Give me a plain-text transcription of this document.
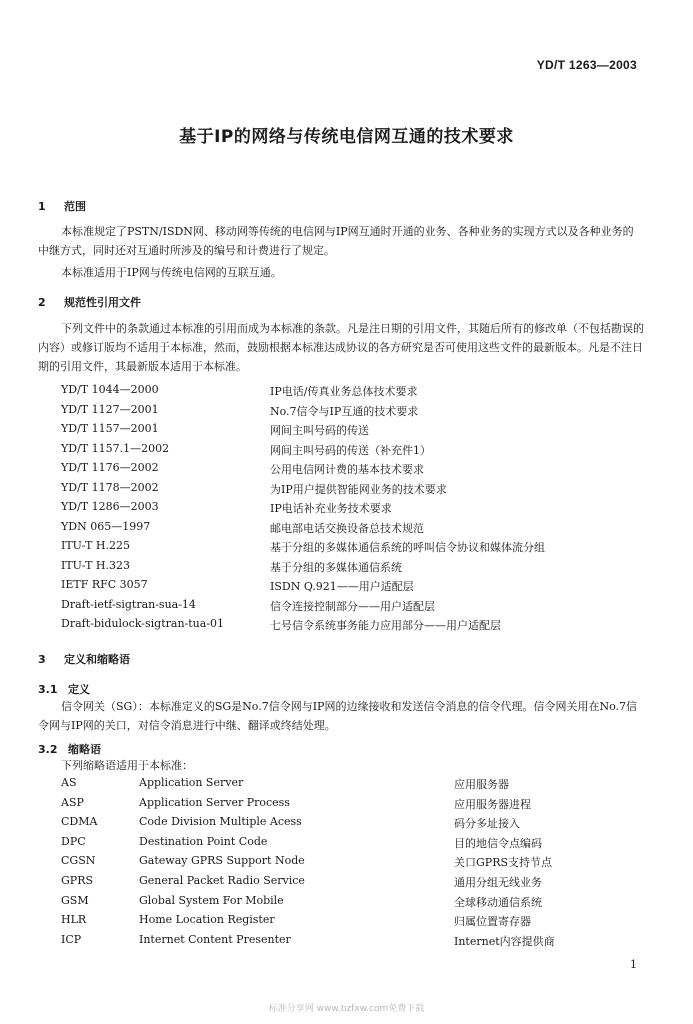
YD/T 1263—2003
基于IP的网络与传统电信网互通的技术要求
1 范围
本标准规定了PSTN/ISDN网、移动网等传统的电信网与IP网互通时开通的业务、各种业务的实现方式以及各种业务的中继方式，同时还对互通时所涉及的编号和计费进行了规定。
本标准适用于IP网与传统电信网的互联互通。
2 规范性引用文件
下列文件中的条款通过本标准的引用而成为本标准的条款。凡是注日期的引用文件，其随后所有的修改单（不包括勘误的内容）或修订版均不适用于本标准，然而，鼓励根据本标准达成协议的各方研究是否可使用这些文件的最新版本。凡是不注日期的引用文件，其最新版本适用于本标准。
YD/T 1044—2000	IP电话/传真业务总体技术要求
YD/T 1127—2001	No.7信令与IP互通的技术要求
YD/T 1157—2001	网间主叫号码的传送
YD/T 1157.1—2002	网间主叫号码的传送（补充件1）
YD/T 1176—2002	公用电信网计费的基本技术要求
YD/T 1178—2002	为IP用户提供智能网业务的技术要求
YD/T 1286—2003	IP电话补充业务技术要求
YDN 065—1997	邮电部电话交换设备总技术规范
ITU-T H.225	基于分组的多媒体通信系统的呼叫信令协议和媒体流分组
ITU-T H.323	基于分组的多媒体通信系统
IETF RFC 3057	ISDN Q.921——用户适配层
Draft-ietf-sigtran-sua-14	信令连接控制部分——用户适配层
Draft-bidulock-sigtran-tua-01	七号信令系统事务能力应用部分——用户适配层
3 定义和缩略语
3.1 定义
信令网关（SG）：本标准定义的SG是No.7信令网与IP网的边缘接收和发送信令消息的信令代理。信令网关用在No.7信令网与IP网的关口，对信令消息进行中继、翻译或终结处理。
3.2 缩略语
下列缩略语适用于本标准：
AS	Application Server	应用服务器
ASP	Application Server Process	应用服务器进程
CDMA	Code Division Multiple Acess	码分多址接入
DPC	Destination Point Code	目的地信令点编码
CGSN	Gateway GPRS Support Node	关口GPRS支持节点
GPRS	General Packet Radio Service	通用分组无线业务
GSM	Global System For Mobile	全球移动通信系统
HLR	Home Location Register	归属位置寄存器
ICP	Internet Content Presenter	Internet内容提供商
1
标准分享网 www.bzfxw.com免费下载
